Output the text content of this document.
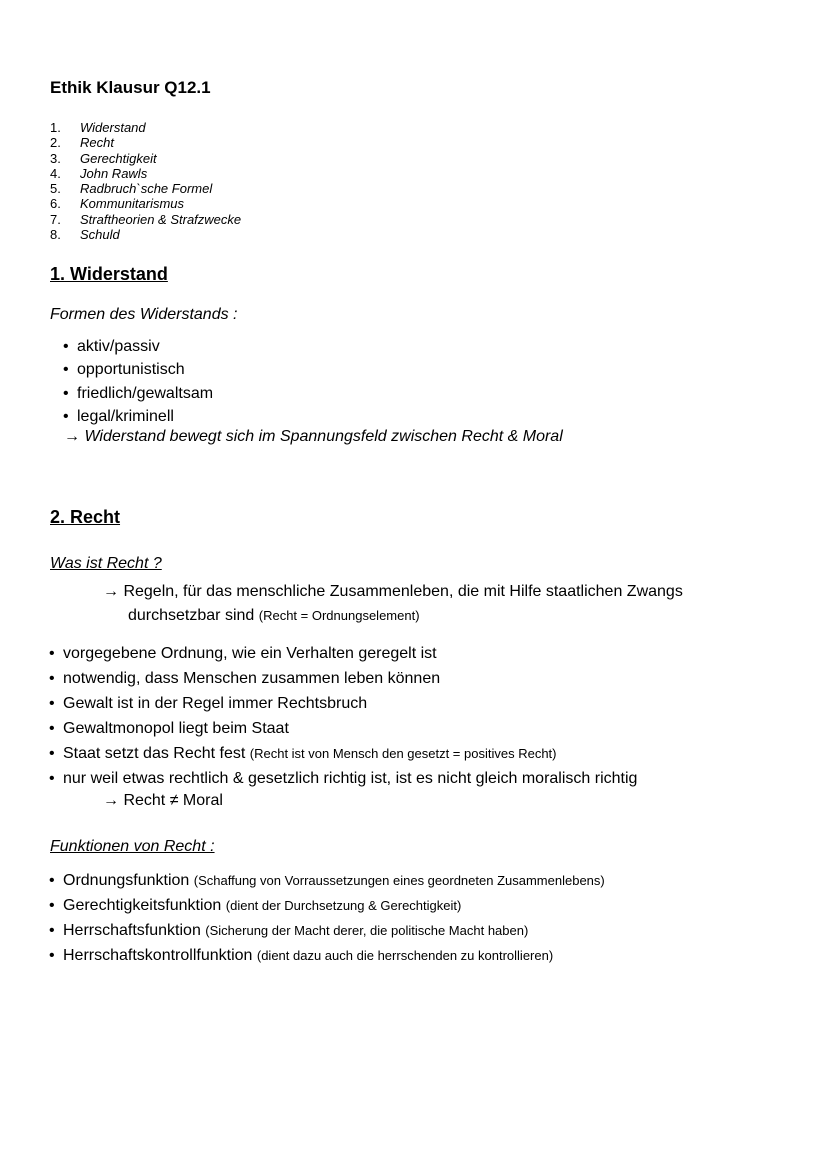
Ethik Klausur Q12.1
1.	Widerstand
2.	Recht
3.	Gerechtigkeit
4.	John Rawls
5.	Radbruch`sche Formel
6.	Kommunitarismus
7.	Straftheorien & Strafzwecke
8.	Schuld
1. Widerstand
Formen des Widerstands :
• aktiv/passiv
• opportunistisch
• friedlich/gewaltsam
• legal/kriminell
→ Widerstand bewegt sich im Spannungsfeld zwischen Recht & Moral
2. Recht
Was ist Recht ?
→ Regeln, für das menschliche Zusammenleben, die mit Hilfe staatlichen Zwangs
durchsetzbar sind (Recht = Ordnungselement)
• vorgegebene Ordnung, wie ein Verhalten geregelt ist
• notwendig, dass Menschen zusammen leben können
• Gewalt ist in der Regel immer Rechtsbruch
• Gewaltmonopol liegt beim Staat
• Staat setzt das Recht fest (Recht ist von Mensch den gesetzt = positives Recht)
• nur weil etwas rechtlich & gesetzlich richtig ist, ist es nicht gleich moralisch richtig
→ Recht ≠ Moral
Funktionen von Recht :
• Ordnungsfunktion (Schaffung von Vorraussetzungen eines geordneten Zusammenlebens)
• Gerechtigkeitsfunktion (dient der Durchsetzung & Gerechtigkeit)
• Herrschaftsfunktion (Sicherung der Macht derer, die politische Macht haben)
• Herrschaftskontrollfunktion (dient dazu auch die herrschenden zu kontrollieren)
